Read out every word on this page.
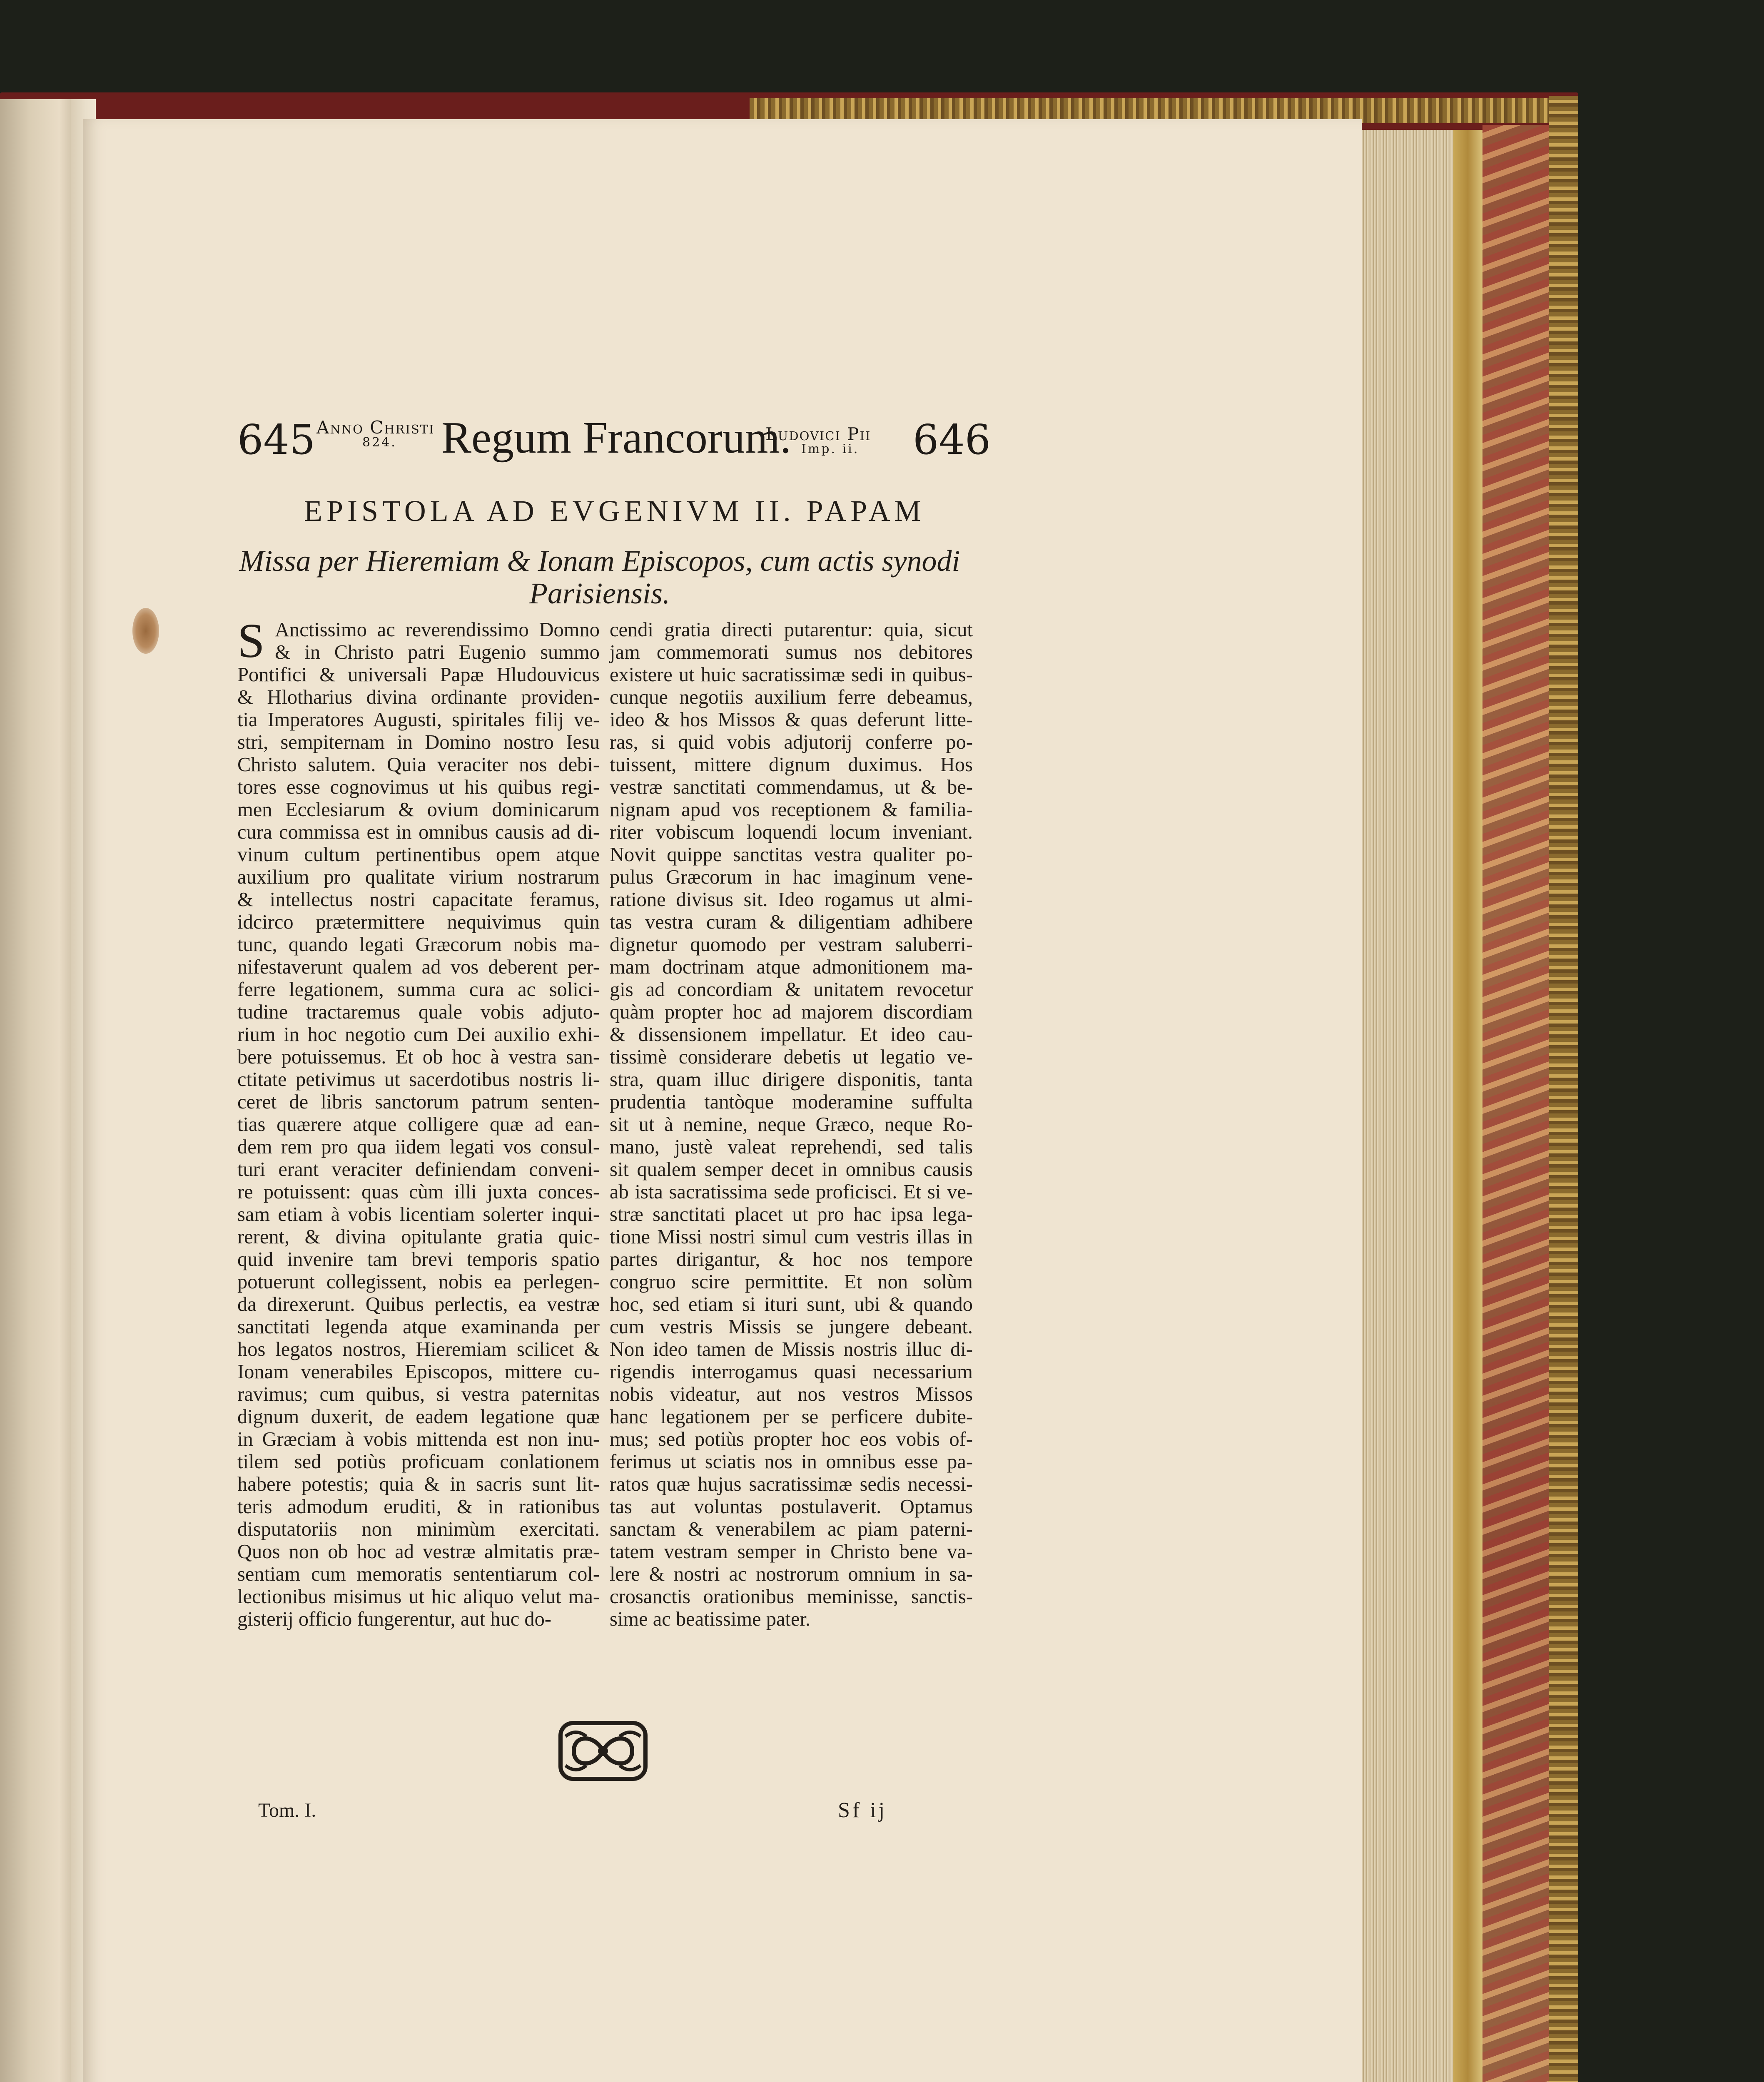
645 Anno Christi
824. Regum Francorum.
Ludovici Pii
Imp. ii. 646
EPISTOLA AD EVGENIVM II. PAPAM
Missa per Hieremiam & Ionam Episcopos, cum actis synodi Parisiensis.
S Anctissimo ac reverendissimo Domno
& in Christo patri Eugenio summo
Pontifici & universali Papæ Hludouvicus
& Hlotharius divina ordinante providen-
tia Imperatores Augusti, spiritales filij ve-
stri, sempiternam in Domino nostro Iesu
Christo salutem. Quia veraciter nos debi-
tores esse cognovimus ut his quibus regi-
men Ecclesiarum & ovium dominicarum
cura commissa est in omnibus causis ad di-
vinum cultum pertinentibus opem atque
auxilium pro qualitate virium nostrarum
& intellectus nostri capacitate feramus,
idcirco prætermittere nequivimus quin
tunc, quando legati Græcorum nobis ma-
nifestaverunt qualem ad vos deberent per-
ferre legationem, summa cura ac solici-
tudine tractaremus quale vobis adjuto-
rium in hoc negotio cum Dei auxilio exhi-
bere potuissemus. Et ob hoc à vestra san-
ctitate petivimus ut sacerdotibus nostris li-
ceret de libris sanctorum patrum senten-
tias quærere atque colligere quæ ad ean-
dem rem pro qua iidem legati vos consul-
turi erant veraciter definiendam conveni-
re potuissent: quas cùm illi juxta conces-
sam etiam à vobis licentiam solerter inqui-
rerent, & divina opitulante gratia quic-
quid invenire tam brevi temporis spatio
potuerunt collegissent, nobis ea perlegen-
da direxerunt. Quibus perlectis, ea vestræ
sanctitati legenda atque examinanda per
hos legatos nostros, Hieremiam scilicet &
Ionam venerabiles Episcopos, mittere cu-
ravimus; cum quibus, si vestra paternitas
dignum duxerit, de eadem legatione quæ
in Græciam à vobis mittenda est non inu-
tilem sed potiùs proficuam conlationem
habere potestis; quia & in sacris sunt lit-
teris admodum eruditi, & in rationibus
disputatoriis non minimùm exercitati.
Quos non ob hoc ad vestræ almitatis præ-
sentiam cum memoratis sententiarum col-
lectionibus misimus ut hic aliquo velut ma-
gisterij officio fungerentur, aut huc do-
cendi gratia directi putarentur: quia, sicut
jam commemorati sumus nos debitores
existere ut huic sacratissimæ sedi in quibus-
cunque negotiis auxilium ferre debeamus,
ideo & hos Missos & quas deferunt litte-
ras, si quid vobis adjutorij conferre po-
tuissent, mittere dignum duximus. Hos
vestræ sanctitati commendamus, ut & be-
nignam apud vos receptionem & familia-
riter vobiscum loquendi locum inveniant.
Novit quippe sanctitas vestra qualiter po-
pulus Græcorum in hac imaginum vene-
ratione divisus sit. Ideo rogamus ut almi-
tas vestra curam & diligentiam adhibere
dignetur quomodo per vestram saluberri-
mam doctrinam atque admonitionem ma-
gis ad concordiam & unitatem revocetur
quàm propter hoc ad majorem discordiam
& dissensionem impellatur. Et ideo cau-
tissimè considerare debetis ut legatio ve-
stra, quam illuc dirigere disponitis, tanta
prudentia tantòque moderamine suffulta
sit ut à nemine, neque Græco, neque Ro-
mano, justè valeat reprehendi, sed talis
sit qualem semper decet in omnibus causis
ab ista sacratissima sede proficisci. Et si ve-
stræ sanctitati placet ut pro hac ipsa lega-
tione Missi nostri simul cum vestris illas in
partes dirigantur, & hoc nos tempore
congruo scire permittite. Et non solùm
hoc, sed etiam si ituri sunt, ubi & quando
cum vestris Missis se jungere debeant.
Non ideo tamen de Missis nostris illuc di-
rigendis interrogamus quasi necessarium
nobis videatur, aut nos vestros Missos
hanc legationem per se perficere dubite-
mus; sed potiùs propter hoc eos vobis of-
ferimus ut sciatis nos in omnibus esse pa-
ratos quæ hujus sacratissimæ sedis necessi-
tas aut voluntas postulaverit. Optamus
sanctam & venerabilem ac piam paterni-
tatem vestram semper in Christo bene va-
lere & nostri ac nostrorum omnium in sa-
crosanctis orationibus meminisse, sanctis-
sime ac beatissime pater.
Tom. I.	Sf ij
